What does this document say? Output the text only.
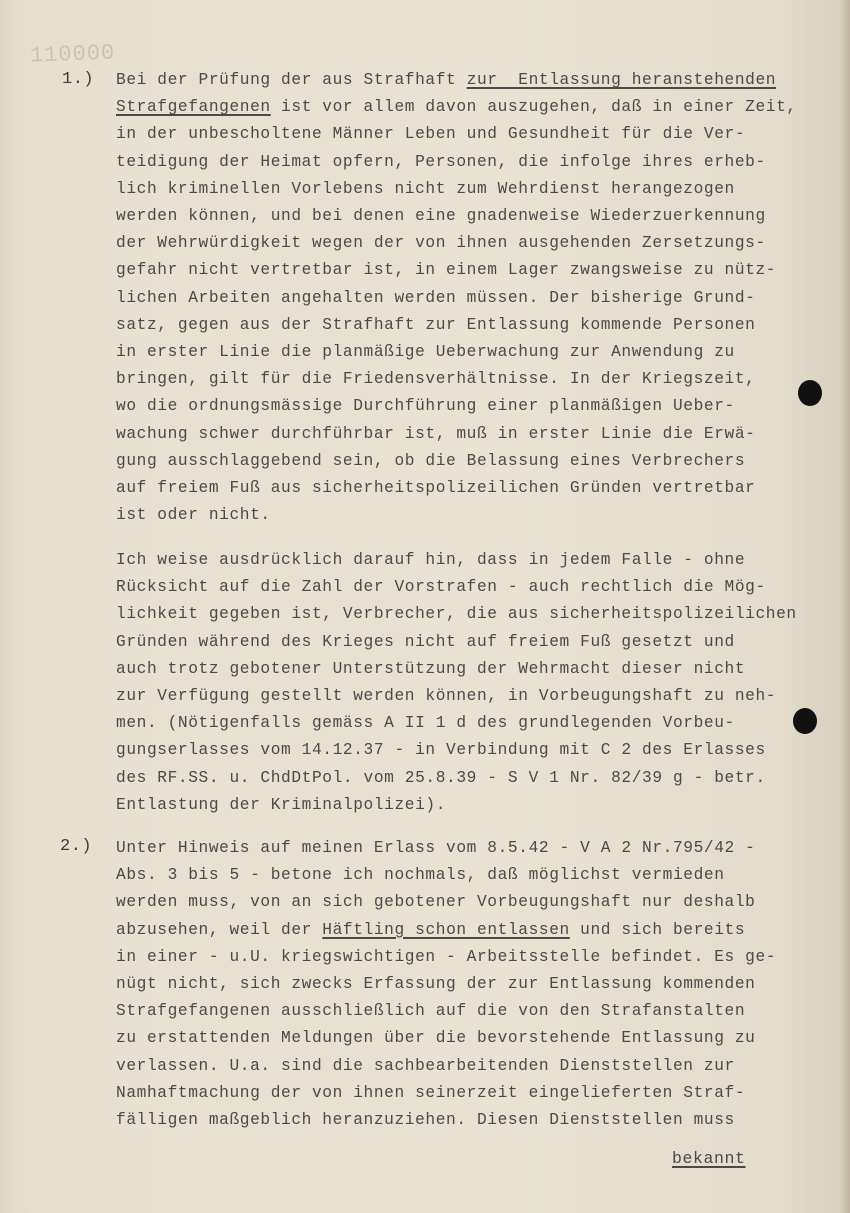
110000
1.) Bei der Prüfung der aus Strafhaft zur  Entlassung heranstehenden
Strafgefangenen ist vor allem davon auszugehen, daß in einer Zeit,
in der unbescholtene Männer Leben und Gesundheit für die Ver-
teidigung der Heimat opfern, Personen, die infolge ihres erheb-
lich kriminellen Vorlebens nicht zum Wehrdienst herangezogen
werden können, und bei denen eine gnadenweise Wiederzuerkennung
der Wehrwürdigkeit wegen der von ihnen ausgehenden Zersetzungs-
gefahr nicht vertretbar ist, in einem Lager zwangsweise zu nütz-
lichen Arbeiten angehalten werden müssen. Der bisherige Grund-
satz, gegen aus der Strafhaft zur Entlassung kommende Personen
in erster Linie die planmäßige Ueberwachung zur Anwendung zu
bringen, gilt für die Friedensverhältnisse. In der Kriegszeit,
wo die ordnungsmässige Durchführung einer planmäßigen Ueber-
wachung schwer durchführbar ist, muß in erster Linie die Erwä-
gung ausschlaggebend sein, ob die Belassung eines Verbrechers
auf freiem Fuß aus sicherheitspolizeilichen Gründen vertretbar
ist oder nicht.
Ich weise ausdrücklich darauf hin, dass in jedem Falle - ohne
Rücksicht auf die Zahl der Vorstrafen - auch rechtlich die Mög-
lichkeit gegeben ist, Verbrecher, die aus sicherheitspolizeilichen
Gründen während des Krieges nicht auf freiem Fuß gesetzt und
auch trotz gebotener Unterstützung der Wehrmacht dieser nicht
zur Verfügung gestellt werden können, in Vorbeugungshaft zu neh-
men. (Nötigenfalls gemäss A II 1 d des grundlegenden Vorbeu-
gungserlasses vom 14.12.37 - in Verbindung mit C 2 des Erlasses
des RF.SS. u. ChdDtPol. vom 25.8.39 - S V 1 Nr. 82/39 g - betr.
Entlastung der Kriminalpolizei).
2.) Unter Hinweis auf meinen Erlass vom 8.5.42 - V A 2 Nr.795/42 -
Abs. 3 bis 5 - betone ich nochmals, daß möglichst vermieden
werden muss, von an sich gebotener Vorbeugungshaft nur deshalb
abzusehen, weil der Häftling schon entlassen und sich bereits
in einer - u.U. kriegswichtigen - Arbeitsstelle befindet. Es ge-
nügt nicht, sich zwecks Erfassung der zur Entlassung kommenden
Strafgefangenen ausschließlich auf die von den Strafanstalten
zu erstattenden Meldungen über die bevorstehende Entlassung zu
verlassen. U.a. sind die sachbearbeitenden Dienststellen zur
Namhaftmachung der von ihnen seinerzeit eingelieferten Straf-
fälligen maßgeblich heranzuziehen. Diesen Dienststellen muss
bekannt
